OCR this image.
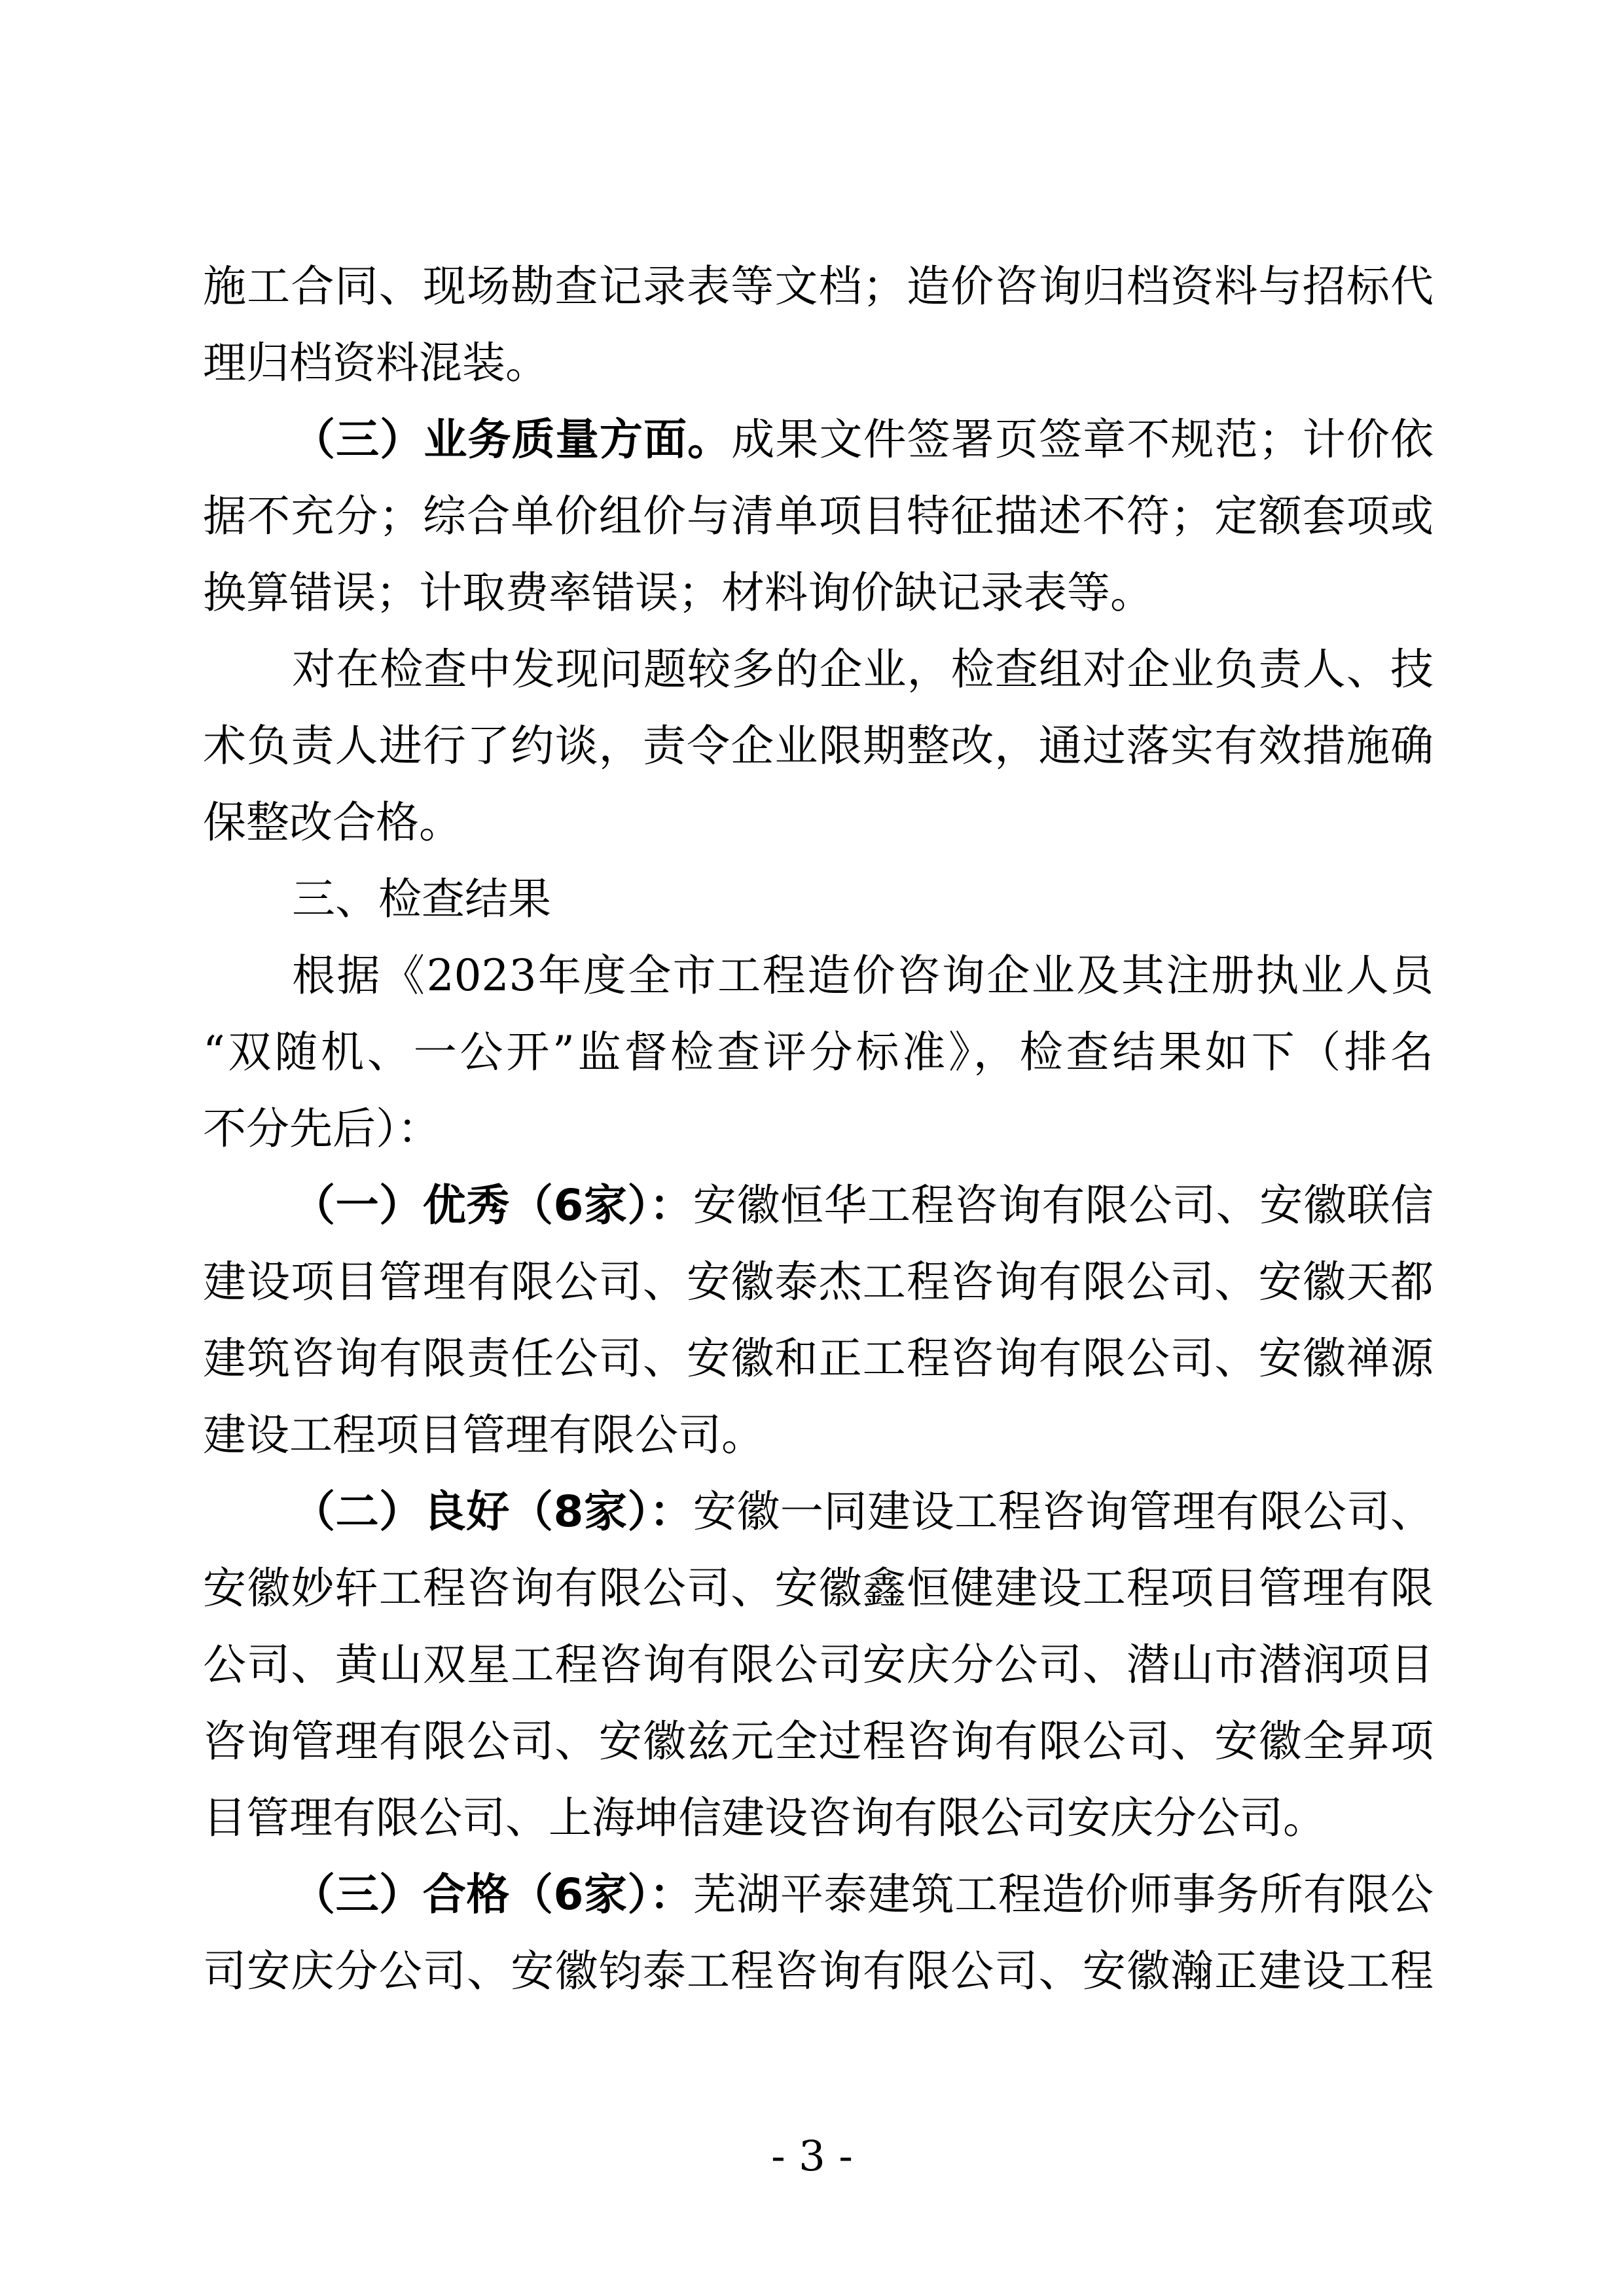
施工合同、现场勘查记录表等文档；造价咨询归档资料与招标代
理归档资料混装。
（三）业务质量方面。成果文件签署页签章不规范；计价依
据不充分；综合单价组价与清单项目特征描述不符；定额套项或
换算错误；计取费率错误；材料询价缺记录表等。
对在检查中发现问题较多的企业，检查组对企业负责人、技
术负责人进行了约谈，责令企业限期整改，通过落实有效措施确
保整改合格。
三、检查结果
根据《2023年度全市工程造价咨询企业及其注册执业人员
“双随机、一公开”监督检查评分标准》，检查结果如下（排名
不分先后）：
（一）优秀（6家）：安徽恒华工程咨询有限公司、安徽联信
建设项目管理有限公司、安徽泰杰工程咨询有限公司、安徽天都
建筑咨询有限责任公司、安徽和正工程咨询有限公司、安徽禅源
建设工程项目管理有限公司。
（二）良好（8家）：安徽一同建设工程咨询管理有限公司、
安徽妙轩工程咨询有限公司、安徽鑫恒健建设工程项目管理有限
公司、黄山双星工程咨询有限公司安庆分公司、潜山市潜润项目
咨询管理有限公司、安徽兹元全过程咨询有限公司、安徽全昇项
目管理有限公司、上海坤信建设咨询有限公司安庆分公司。
（三）合格（6家）：芜湖平泰建筑工程造价师事务所有限公
司安庆分公司、安徽钧泰工程咨询有限公司、安徽瀚正建设工程
- 3 -
